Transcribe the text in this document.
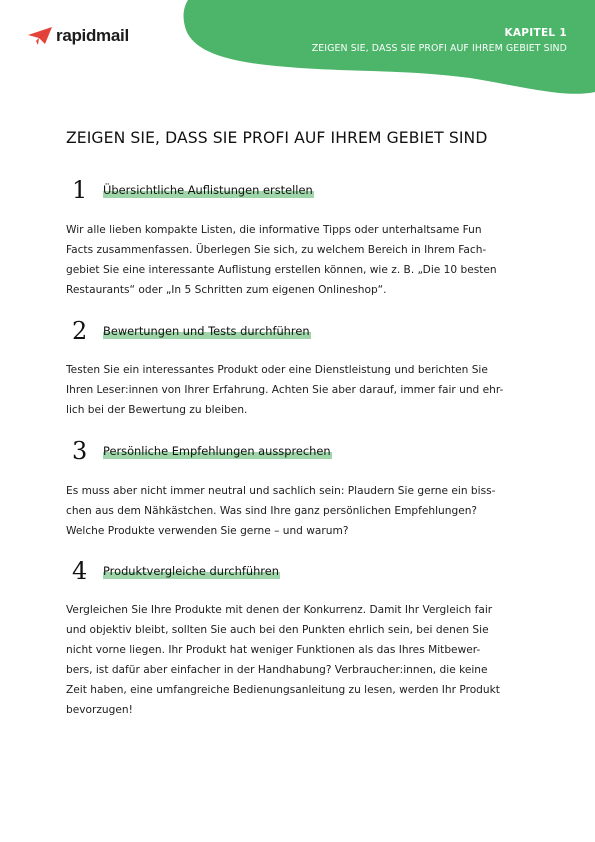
rapidmail	KAPITEL 1
ZEIGEN SIE, DASS SIE PROFI AUF IHREM GEBIET SIND
ZEIGEN SIE, DASS SIE PROFI AUF IHREM GEBIET SIND
1	Übersichtliche Auflistungen erstellen
Wir alle lieben kompakte Listen, die informative Tipps oder unterhaltsame Fun
Facts zusammenfassen. Überlegen Sie sich, zu welchem Bereich in Ihrem Fach-
gebiet Sie eine interessante Auflistung erstellen können, wie z. B. „Die 10 besten
Restaurants“ oder „In 5 Schritten zum eigenen Onlineshop“.
2	Bewertungen und Tests durchführen
Testen Sie ein interessantes Produkt oder eine Dienstleistung und berichten Sie
Ihren Leser:innen von Ihrer Erfahrung. Achten Sie aber darauf, immer fair und ehr-
lich bei der Bewertung zu bleiben.
3	Persönliche Empfehlungen aussprechen
Es muss aber nicht immer neutral und sachlich sein: Plaudern Sie gerne ein biss-
chen aus dem Nähkästchen. Was sind Ihre ganz persönlichen Empfehlungen?
Welche Produkte verwenden Sie gerne – und warum?
4	Produktvergleiche durchführen
Vergleichen Sie Ihre Produkte mit denen der Konkurrenz. Damit Ihr Vergleich fair
und objektiv bleibt, sollten Sie auch bei den Punkten ehrlich sein, bei denen Sie
nicht vorne liegen. Ihr Produkt hat weniger Funktionen als das Ihres Mitbewer-
bers, ist dafür aber einfacher in der Handhabung? Verbraucher:innen, die keine
Zeit haben, eine umfangreiche Bedienungsanleitung zu lesen, werden Ihr Produkt
bevorzugen!
